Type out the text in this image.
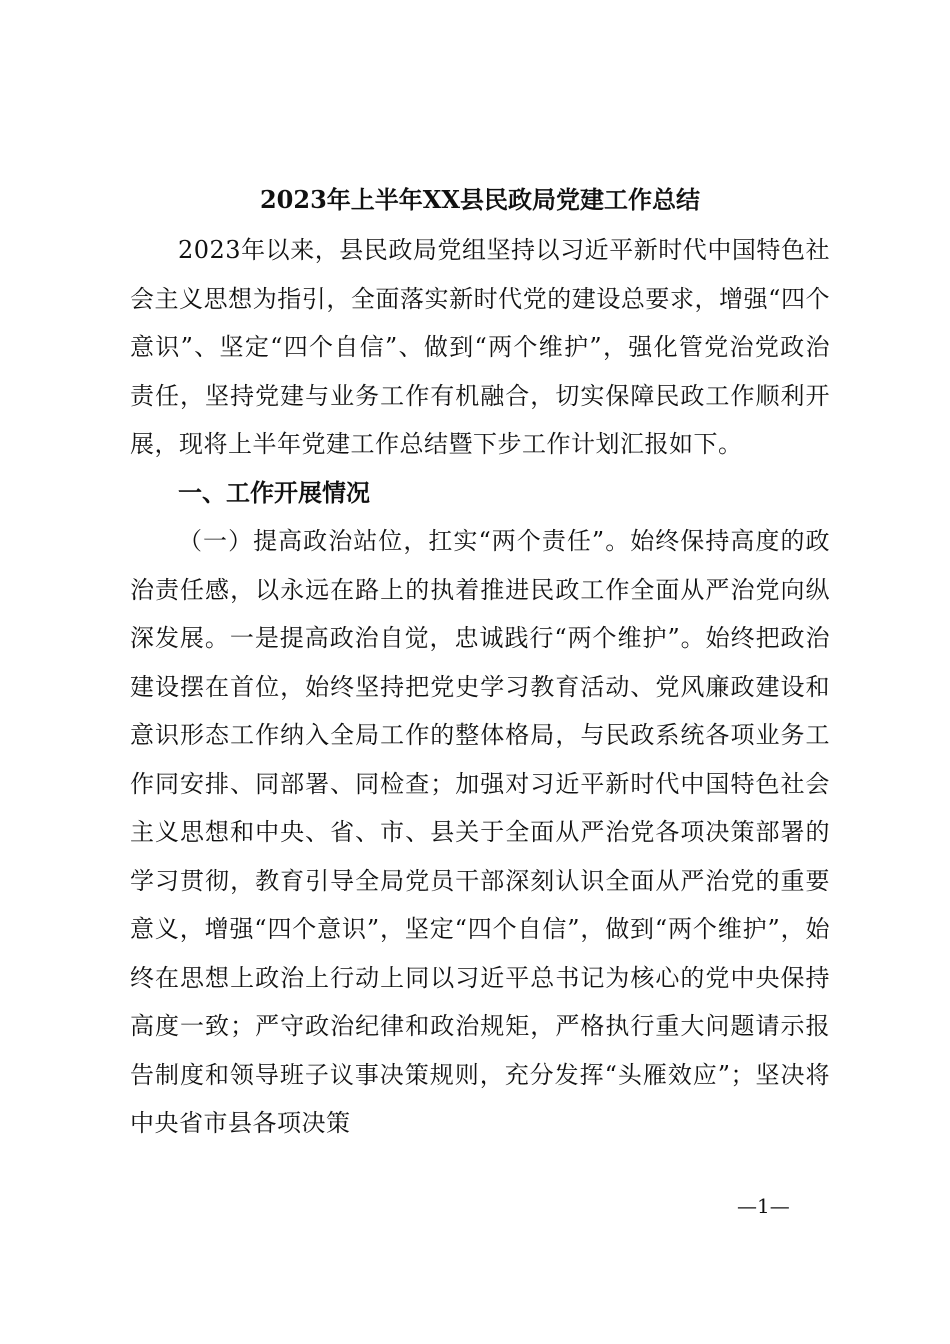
2023年上半年XX县民政局党建工作总结

2023年以来，县民政局党组坚持以习近平新时代中国特色社会主义思想为指引，全面落实新时代党的建设总要求，增强“四个意识”、坚定“四个自信”、做到“两个维护”，强化管党治党政治责任，坚持党建与业务工作有机融合，切实保障民政工作顺利开展，现将上半年党建工作总结暨下步工作计划汇报如下。

一、工作开展情况

（一）提高政治站位，扛实“两个责任”。始终保持高度的政治责任感，以永远在路上的执着推进民政工作全面从严治党向纵深发展。一是提高政治自觉，忠诚践行“两个维护”。始终把政治建设摆在首位，始终坚持把党史学习教育活动、党风廉政建设和意识形态工作纳入全局工作的整体格局，与民政系统各项业务工作同安排、同部署、同检查；加强对习近平新时代中国特色社会主义思想和中央、省、市、县关于全面从严治党各项决策部署的学习贯彻，教育引导全局党员干部深刻认识全面从严治党的重要意义，增强“四个意识”，坚定“四个自信”，做到“两个维护”，始终在思想上政治上行动上同以习近平总书记为核心的党中央保持高度一致；严守政治纪律和政治规矩，严格执行重大问题请示报告制度和领导班子议事决策规则，充分发挥“头雁效应”；坚决将中央省市县各项决策

—1—
